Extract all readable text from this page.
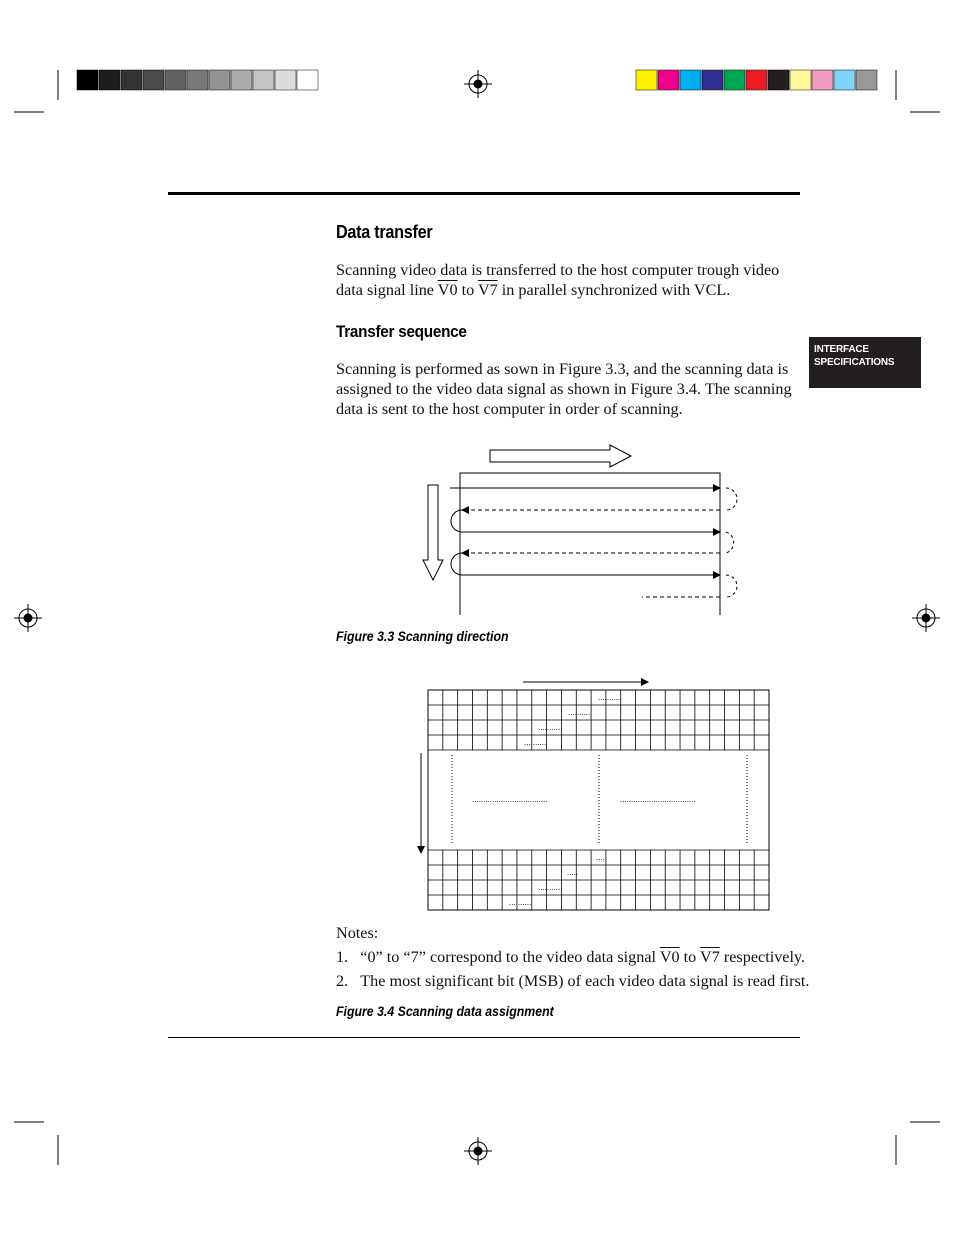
INTERFACE
SPECIFICATIONS
Data transfer
Scanning video data is transferred to the host computer trough video data signal line V0 to V7 in parallel synchronized with VCL.
Transfer sequence
Scanning is performed as sown in Figure 3.3, and the scanning data is assigned to the video data signal as shown in Figure 3.4. The scanning data is sent to the host computer in order of scanning.
Figure 3.3 Scanning direction
..........
..........
..........
..........
..................................	..................................
.....
.....
..........
..........
Notes:
1. “0” to “7” correspond to the video data signal V0 to V7 respectively.
2. The most significant bit (MSB) of each video data signal is read first.
Figure 3.4 Scanning data assignment
